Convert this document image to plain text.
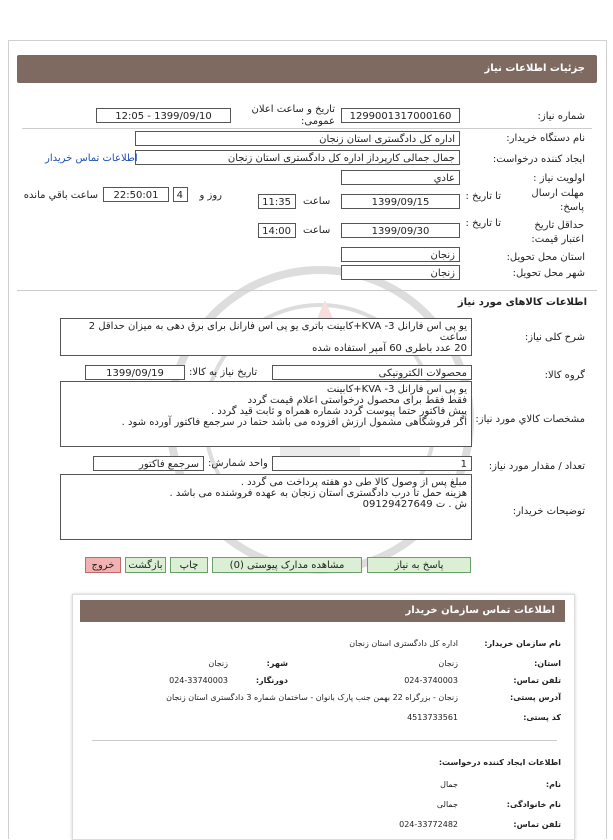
جزئیات اطلاعات نیاز
شماره نیاز:
1299001317000160
تاریخ و ساعت اعلان عمومی:
1399/09/10 - 12:05
نام دستگاه خریدار:
اداره کل دادگستری استان زنجان
ایجاد کننده درخواست:
جمال جمالی کارپرداز اداره کل دادگستری استان زنجان
اطلاعات تماس خریدار
اولویت نیاز :
عادي
مهلت ارسال پاسخ:
تا تاریخ :
1399/09/15
ساعت
11:35
4	روز و
22:50:01
ساعت باقي مانده
حداقل تاریخ اعتبار قیمت:
تا تاریخ :
1399/09/30
ساعت
14:00
استان محل تحویل:
زنجان
شهر محل تحویل:
زنجان
اطلاعات کالاهای مورد نیاز
شرح کلی نیاز:
یو پی اس فارانل 3- KVA+کابینت باتری یو پی اس فارانل برای برق دهی به میزان حداقل 2 ساعت
20 عدد باطری 60 آمپر استفاده شده
گروه کالا:
محصولات الکترونیکی
تاریخ نیاز به کالا:
1399/09/19
مشخصات کالاي مورد نیاز:
یو پی اس فارانل 3- KVA+کابینت
فقط فقط برای محصول درخواستی اعلام قیمت گردد
پیش فاکتور حتما پیوست گردد شماره همراه و ثابت قید گردد .
اگر فروشگاهی مشمول ارزش افزوده می باشد حتما در سرجمع فاکتور آورده شود .
تعداد / مقدار مورد نیاز:
1
واحد شمارش:
سرجمع فاکتور
توضیحات خریدار:
مبلغ پس از وصول کالا طی دو هفته پرداخت می گردد .
هزینه حمل تا درب دادگستری استان زنجان به عهده فروشنده می باشد .
ش . ت 09129427649
پاسخ به نیاز
مشاهده مدارک پیوستی (0)
چاپ
بازگشت
خروج
اطلاعات تماس سازمان خریدار
نام سازمان خریدار:
اداره کل دادگستری استان زنجان
استان:
زنجان
شهر:
زنجان
تلفن تماس:
024-3740003
دورنگار:
024-33740003
آدرس پستی:
زنجان - بزرگراه 22 بهمن جنب پارک بانوان - ساختمان شماره 3 دادگستری استان زنجان
کد پستی:
4513733561
اطلاعات ایجاد کننده درخواست:
نام:
جمال
نام خانوادگی:
جمالی
تلفن تماس:
024-33772482
